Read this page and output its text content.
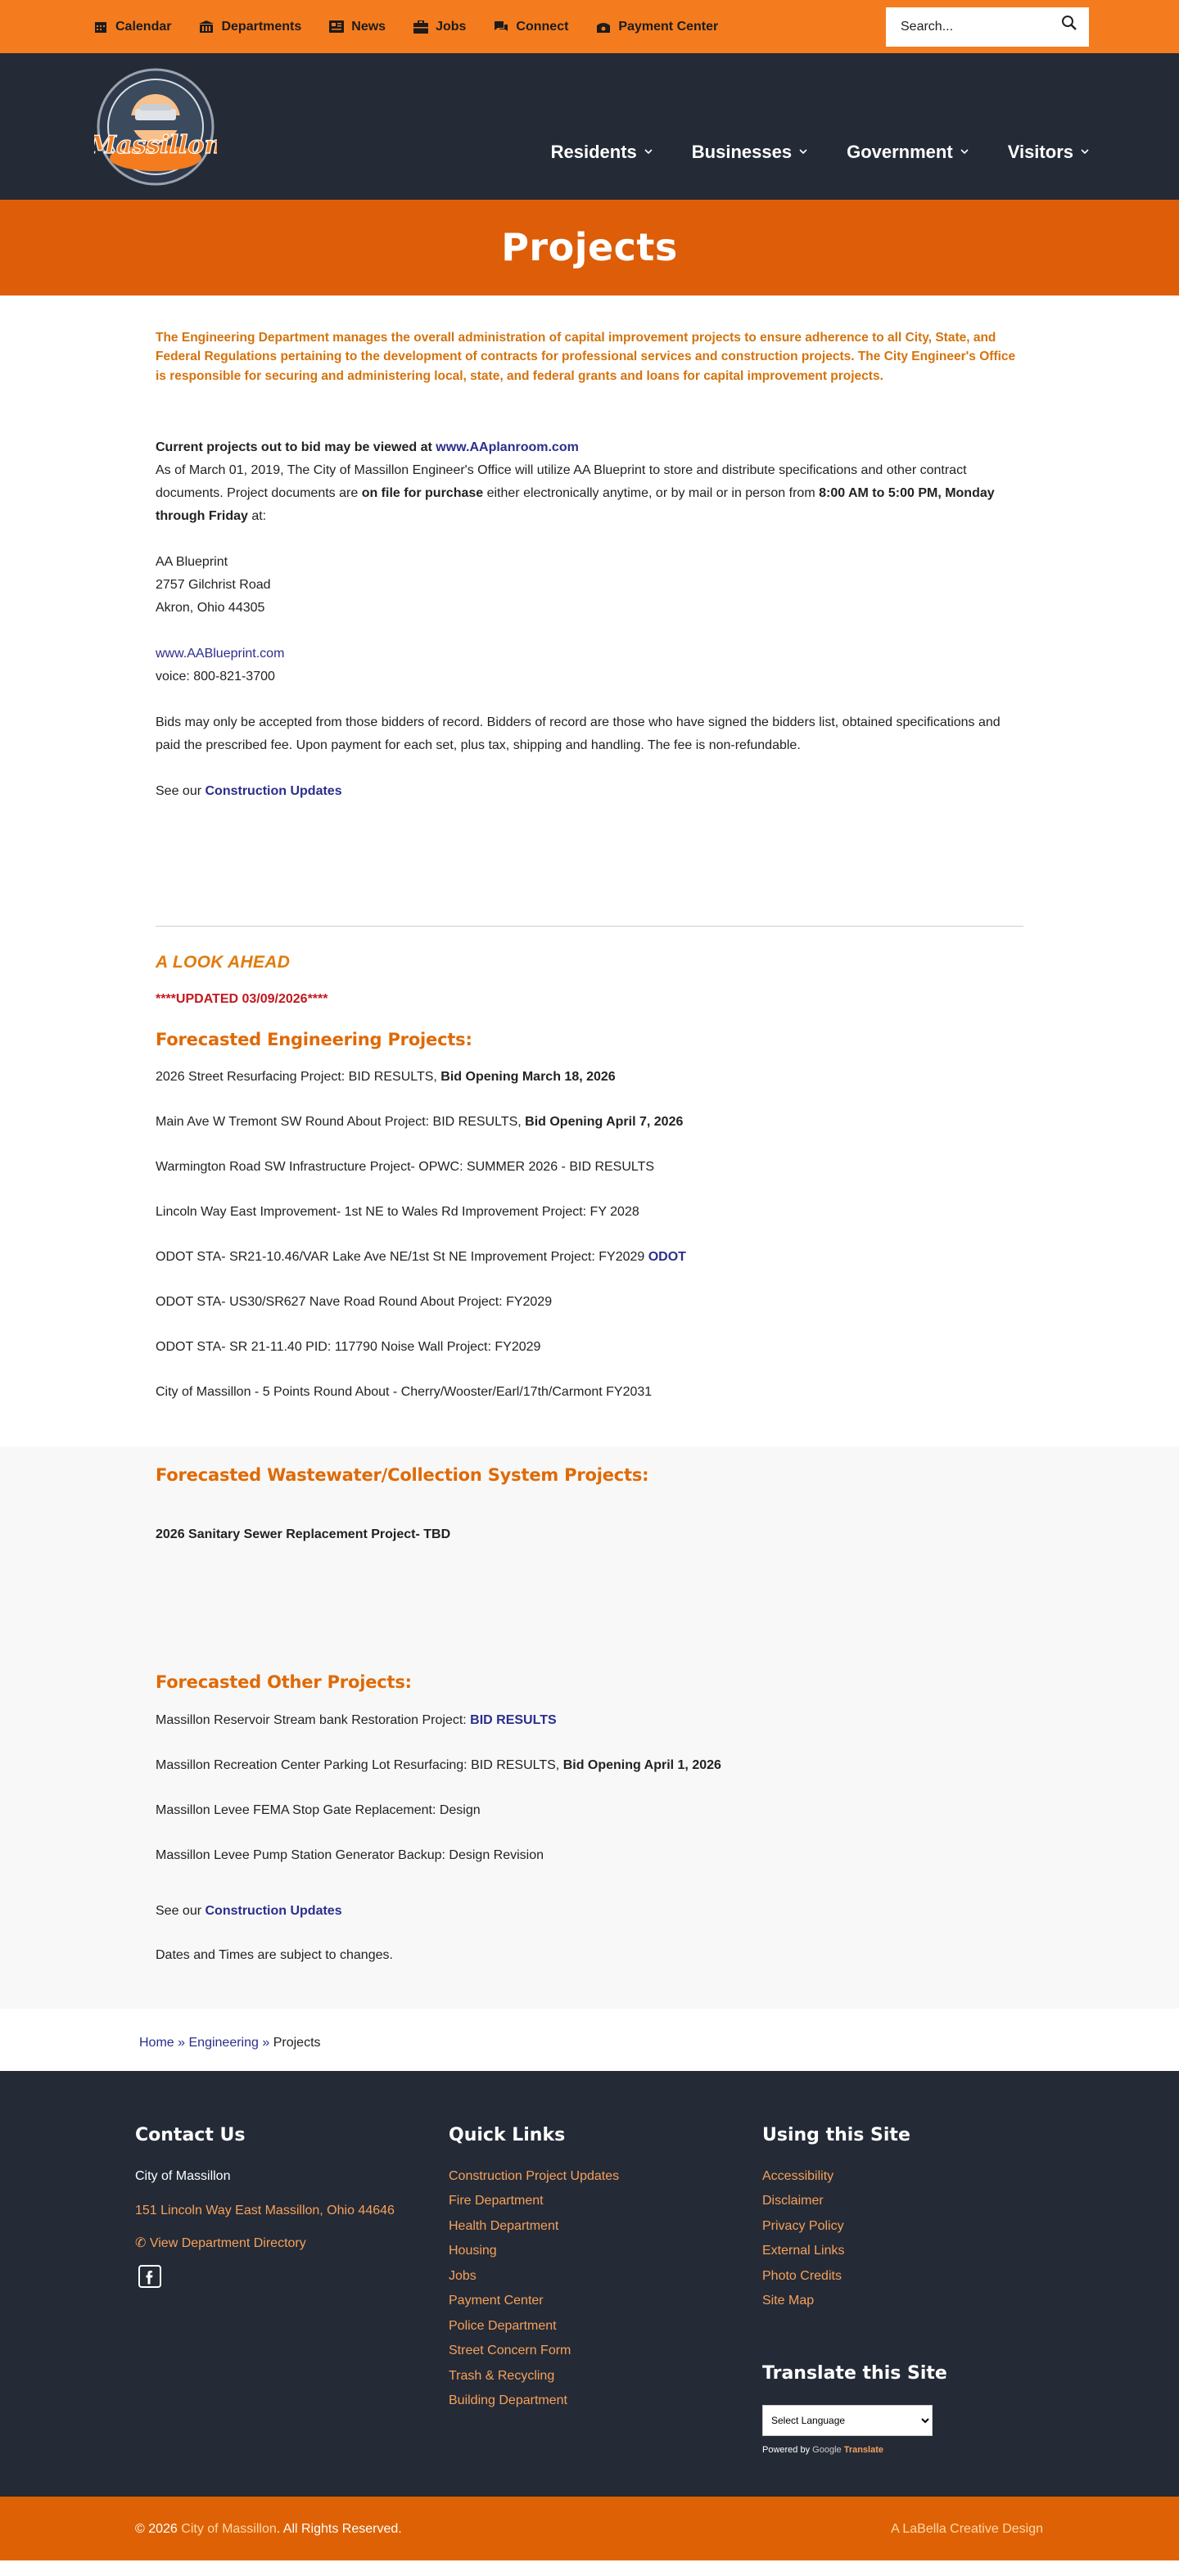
Calendar	Departments	News	Jobs	Connect	Payment Center
Search...
Massillon	Residents	Businesses	Government	Visitors
Projects

The Engineering Department manages the overall administration of capital improvement projects to ensure adherence to all City, State, and Federal Regulations pertaining to the development of contracts for professional services and construction projects. The City Engineer's Office is responsible for securing and administering local, state, and federal grants and loans for capital improvement projects.

Current projects out to bid may be viewed at www.AAplanroom.com

As of March 01, 2019, The City of Massillon Engineer's Office will utilize AA Blueprint to store and distribute specifications and other contract documents. Project documents are on file for purchase either electronically anytime, or by mail or in person from 8:00 AM to 5:00 PM, Monday through Friday at:

AA Blueprint
2757 Gilchrist Road
Akron, Ohio 44305

www.AABlueprint.com
voice: 800-821-3700

Bids may only be accepted from those bidders of record. Bidders of record are those who have signed the bidders list, obtained specifications and paid the prescribed fee. Upon payment for each set, plus tax, shipping and handling. The fee is non-refundable.

See our Construction Updates

A LOOK AHEAD
****UPDATED 03/09/2026****
Forecasted Engineering Projects:
2026 Street Resurfacing Project: BID RESULTS, Bid Opening March 18, 2026
Main Ave W Tremont SW Round About Project: BID RESULTS, Bid Opening April 7, 2026
Warmington Road SW Infrastructure Project- OPWC: SUMMER 2026 - BID RESULTS
Lincoln Way East Improvement- 1st NE to Wales Rd Improvement Project: FY 2028
ODOT STA- SR21-10.46/VAR Lake Ave NE/1st St NE Improvement Project: FY2029 ODOT
ODOT STA- US30/SR627 Nave Road Round About Project: FY2029
ODOT STA- SR 21-11.40 PID: 117790 Noise Wall Project: FY2029
City of Massillon - 5 Points Round About - Cherry/Wooster/Earl/17th/Carmont FY2031
Forecasted Wastewater/Collection System Projects:
2026 Sanitary Sewer Replacement Project- TBD
Forecasted Other Projects:
Massillon Reservoir Stream bank Restoration Project: BID RESULTS
Massillon Recreation Center Parking Lot Resurfacing: BID RESULTS, Bid Opening April 1, 2026
Massillon Levee FEMA Stop Gate Replacement: Design
Massillon Levee Pump Station Generator Backup: Design Revision
See our Construction Updates
Dates and Times are subject to changes.
Home » Engineering » Projects
Contact Us
City of Massillon
151 Lincoln Way East Massillon, Ohio 44646
✆ View Department Directory
Quick Links
Construction Project Updates
Fire Department
Health Department
Housing
Jobs
Payment Center
Police Department
Street Concern Form
Trash & Recycling
Building Department
Using this Site
Accessibility
Disclaimer
Privacy Policy
External Links
Photo Credits
Site Map
Translate this Site
Select Language
Powered by Google Translate
© 2026 City of Massillon. All Rights Reserved.	A LaBella Creative Design
